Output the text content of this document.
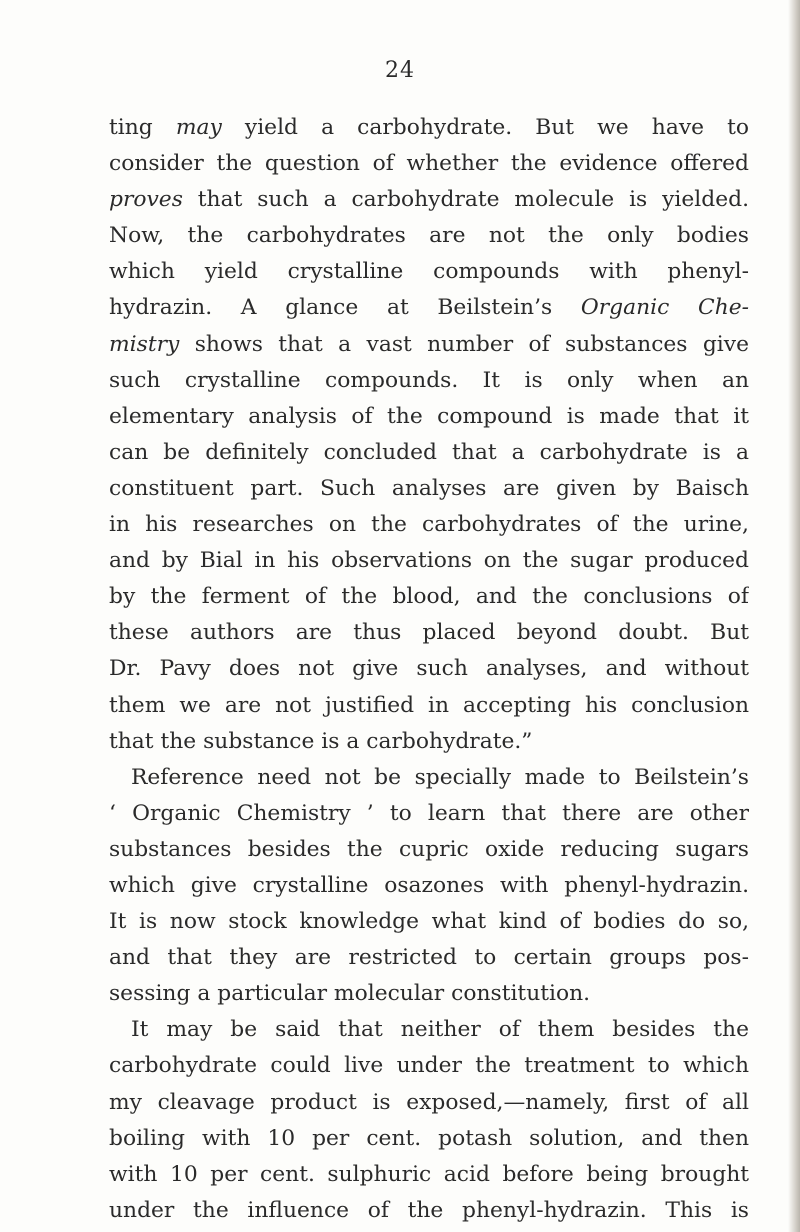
24
ting may yield a carbohydrate. But we have to
consider the question of whether the evidence offered
proves that such a carbohydrate molecule is yielded.
Now, the carbohydrates are not the only bodies
which yield crystalline compounds with phenyl-
hydrazin. A glance at Beilstein’s Organic Che-
mistry shows that a vast number of substances give
such crystalline compounds. It is only when an
elementary analysis of the compound is made that it
can be definitely concluded that a carbohydrate is a
constituent part. Such analyses are given by Baisch
in his researches on the carbohydrates of the urine,
and by Bial in his observations on the sugar produced
by the ferment of the blood, and the conclusions of
these authors are thus placed beyond doubt. But
Dr. Pavy does not give such analyses, and without
them we are not justified in accepting his conclusion
that the substance is a carbohydrate.”
Reference need not be specially made to Beilstein’s
‘ Organic Chemistry ’ to learn that there are other
substances besides the cupric oxide reducing sugars
which give crystalline osazones with phenyl-hydrazin.
It is now stock knowledge what kind of bodies do so,
and that they are restricted to certain groups pos-
sessing a particular molecular constitution.
It may be said that neither of them besides the
carbohydrate could live under the treatment to which
my cleavage product is exposed,—namely, first of all
boiling with 10 per cent. potash solution, and then
with 10 per cent. sulphuric acid before being brought
under the influence of the phenyl-hydrazin. This is
